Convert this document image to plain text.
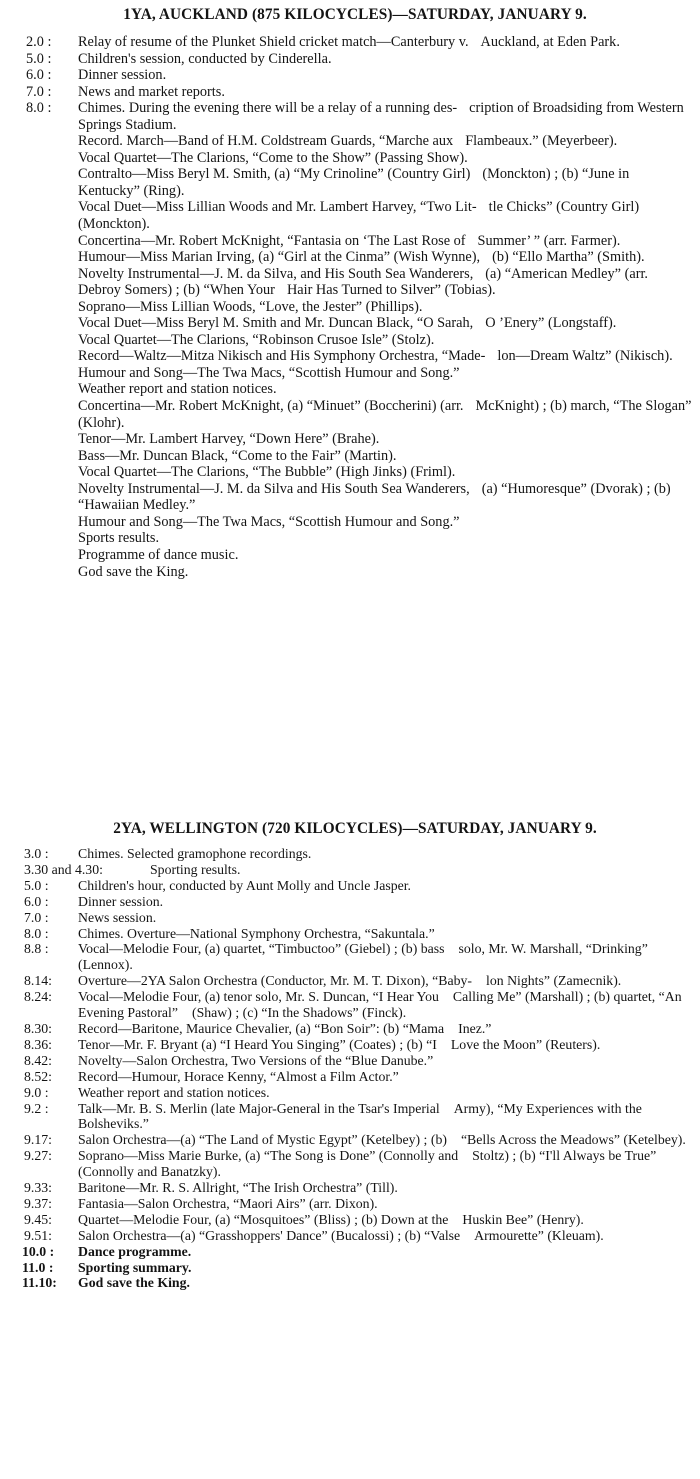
1YA, AUCKLAND (875 KILOCYCLES)—SATURDAY, JANUARY 9.
2.0 : Relay of resume of the Plunket Shield cricket match—Canterbury v. Auckland, at Eden Park.
5.0 : Children's session, conducted by Cinderella.
6.0 : Dinner session.
7.0 : News and market reports.
8.0 : Chimes. During the evening there will be a relay of a running des- cription of Broadsiding from Western Springs Stadium.
Record. March—Band of H.M. Coldstream Guards, “Marche aux Flambeaux.” (Meyerbeer).
Vocal Quartet—The Clarions, “Come to the Show” (Passing Show).
Contralto—Miss Beryl M. Smith, (a) “My Crinoline” (Country Girl) (Monckton) ; (b) “June in Kentucky” (Ring).
Vocal Duet—Miss Lillian Woods and Mr. Lambert Harvey, “Two Lit- tle Chicks” (Country Girl) (Monckton).
Concertina—Mr. Robert McKnight, “Fantasia on ‘The Last Rose of Summer’ ” (arr. Farmer).
Humour—Miss Marian Irving, (a) “Girl at the Cinma” (Wish Wynne), (b) “Ello Martha” (Smith).
Novelty Instrumental—J. M. da Silva, and His South Sea Wanderers, (a) “American Medley” (arr. Debroy Somers) ; (b) “When Your Hair Has Turned to Silver” (Tobias).
Soprano—Miss Lillian Woods, “Love, the Jester” (Phillips).
Vocal Duet—Miss Beryl M. Smith and Mr. Duncan Black, “O Sarah, O ’Enery” (Longstaff).
Vocal Quartet—The Clarions, “Robinson Crusoe Isle” (Stolz).
Record—Waltz—Mitza Nikisch and His Symphony Orchestra, “Made- lon—Dream Waltz” (Nikisch).
Humour and Song—The Twa Macs, “Scottish Humour and Song.”
Weather report and station notices.
Concertina—Mr. Robert McKnight, (a) “Minuet” (Boccherini) (arr. McKnight) ; (b) march, “The Slogan” (Klohr).
Tenor—Mr. Lambert Harvey, “Down Here” (Brahe).
Bass—Mr. Duncan Black, “Come to the Fair” (Martin).
Vocal Quartet—The Clarions, “The Bubble” (High Jinks) (Friml).
Novelty Instrumental—J. M. da Silva and His South Sea Wanderers, (a) “Humoresque” (Dvorak) ; (b) “Hawaiian Medley.”
Humour and Song—The Twa Macs, “Scottish Humour and Song.”
Sports results.
Programme of dance music.
God save the King.
2YA, WELLINGTON (720 KILOCYCLES)—SATURDAY, JANUARY 9.
3.0 : Chimes. Selected gramophone recordings.
3.30 and 4.30:	Sporting results.
5.0 : Children's hour, conducted by Aunt Molly and Uncle Jasper.
6.0 : Dinner session.
7.0 : News session.
8.0 : Chimes. Overture—National Symphony Orchestra, “Sakuntala.”
8.8 : Vocal—Melodie Four, (a) quartet, “Timbuctoo” (Giebel) ; (b) bass solo, Mr. W. Marshall, “Drinking” (Lennox).
8.14: Overture—2YA Salon Orchestra (Conductor, Mr. M. T. Dixon), “Baby- lon Nights” (Zamecnik).
8.24: Vocal—Melodie Four, (a) tenor solo, Mr. S. Duncan, “I Hear You Calling Me” (Marshall) ; (b) quartet, “An Evening Pastoral” (Shaw) ; (c) “In the Shadows” (Finck).
8.30: Record—Baritone, Maurice Chevalier, (a) “Bon Soir”: (b) “Mama Inez.”
8.36: Tenor—Mr. F. Bryant (a) “I Heard You Singing” (Coates) ; (b) “I Love the Moon” (Reuters).
8.42: Novelty—Salon Orchestra, Two Versions of the “Blue Danube.”
8.52: Record—Humour, Horace Kenny, “Almost a Film Actor.”
9.0 : Weather report and station notices.
9.2 : Talk—Mr. B. S. Merlin (late Major-General in the Tsar's Imperial Army), “My Experiences with the Bolsheviks.”
9.17: Salon Orchestra—(a) “The Land of Mystic Egypt” (Ketelbey) ; (b) “Bells Across the Meadows” (Ketelbey).
9.27: Soprano—Miss Marie Burke, (a) “The Song is Done” (Connolly and Stoltz) ; (b) “I'll Always be True” (Connolly and Banatzky).
9.33: Baritone—Mr. R. S. Allright, “The Irish Orchestra” (Till).
9.37: Fantasia—Salon Orchestra, “Maori Airs” (arr. Dixon).
9.45: Quartet—Melodie Four, (a) “Mosquitoes” (Bliss) ; (b) Down at the Huskin Bee” (Henry).
9.51: Salon Orchestra—(a) “Grasshoppers' Dance” (Bucalossi) ; (b) “Valse Armourette” (Kleuam).
10.0 : Dance programme.
11.0 : Sporting summary.
11.10: God save the King.
